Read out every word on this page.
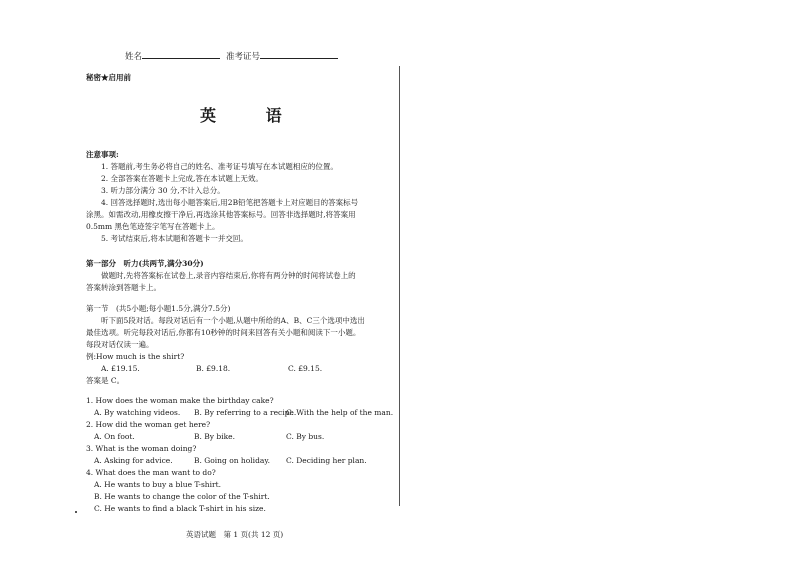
姓名	准考证号
秘密★启用前
英 语
注意事项:
1. 答题前,考生务必将自己的姓名、准考证号填写在本试题相应的位置。
2. 全部答案在答题卡上完成,答在本试题上无效。
3. 听力部分满分 30 分,不计入总分。
4. 回答选择题时,选出每小题答案后,用2B铅笔把答题卡上对应题目的答案标号
涂黑。如需改动,用橡皮擦干净后,再选涂其他答案标号。回答非选择题时,将答案用
0.5mm 黑色笔迹签字笔写在答题卡上。
5. 考试结束后,将本试题和答题卡一并交回。
第一部分　听力(共两节,满分30分)
做题时,先将答案标在试卷上,录音内容结束后,你将有两分钟的时间将试卷上的
答案转涂到答题卡上。
第一节　(共5小题;每小题1.5分,满分7.5分)
听下面5段对话。每段对话后有一个小题,从题中所给的A、B、C三个选项中选出
最佳选项。听完每段对话后,你都有10秒钟的时间来回答有关小题和阅读下一小题。
每段对话仅读一遍。
例:How much is the shirt?
A. £19.15.	B. £9.18.	C. £9.15.
答案是 C。
1. How does the woman make the birthday cake?
A. By watching videos. B. By referring to a recipe.
C. With the help of the man.
2. How did the woman get here?
A. On foot.	B. By bike.	C. By bus.
3. What is the woman doing?
A. Asking for advice.	B. Going on holiday. C. Deciding her plan.
4. What does the man want to do?
A. He wants to buy a blue T-shirt.
B. He wants to change the color of the T-shirt.
C. He wants to find a black T-shirt in his size.
英语试题　第 1 页(共 12 页)
